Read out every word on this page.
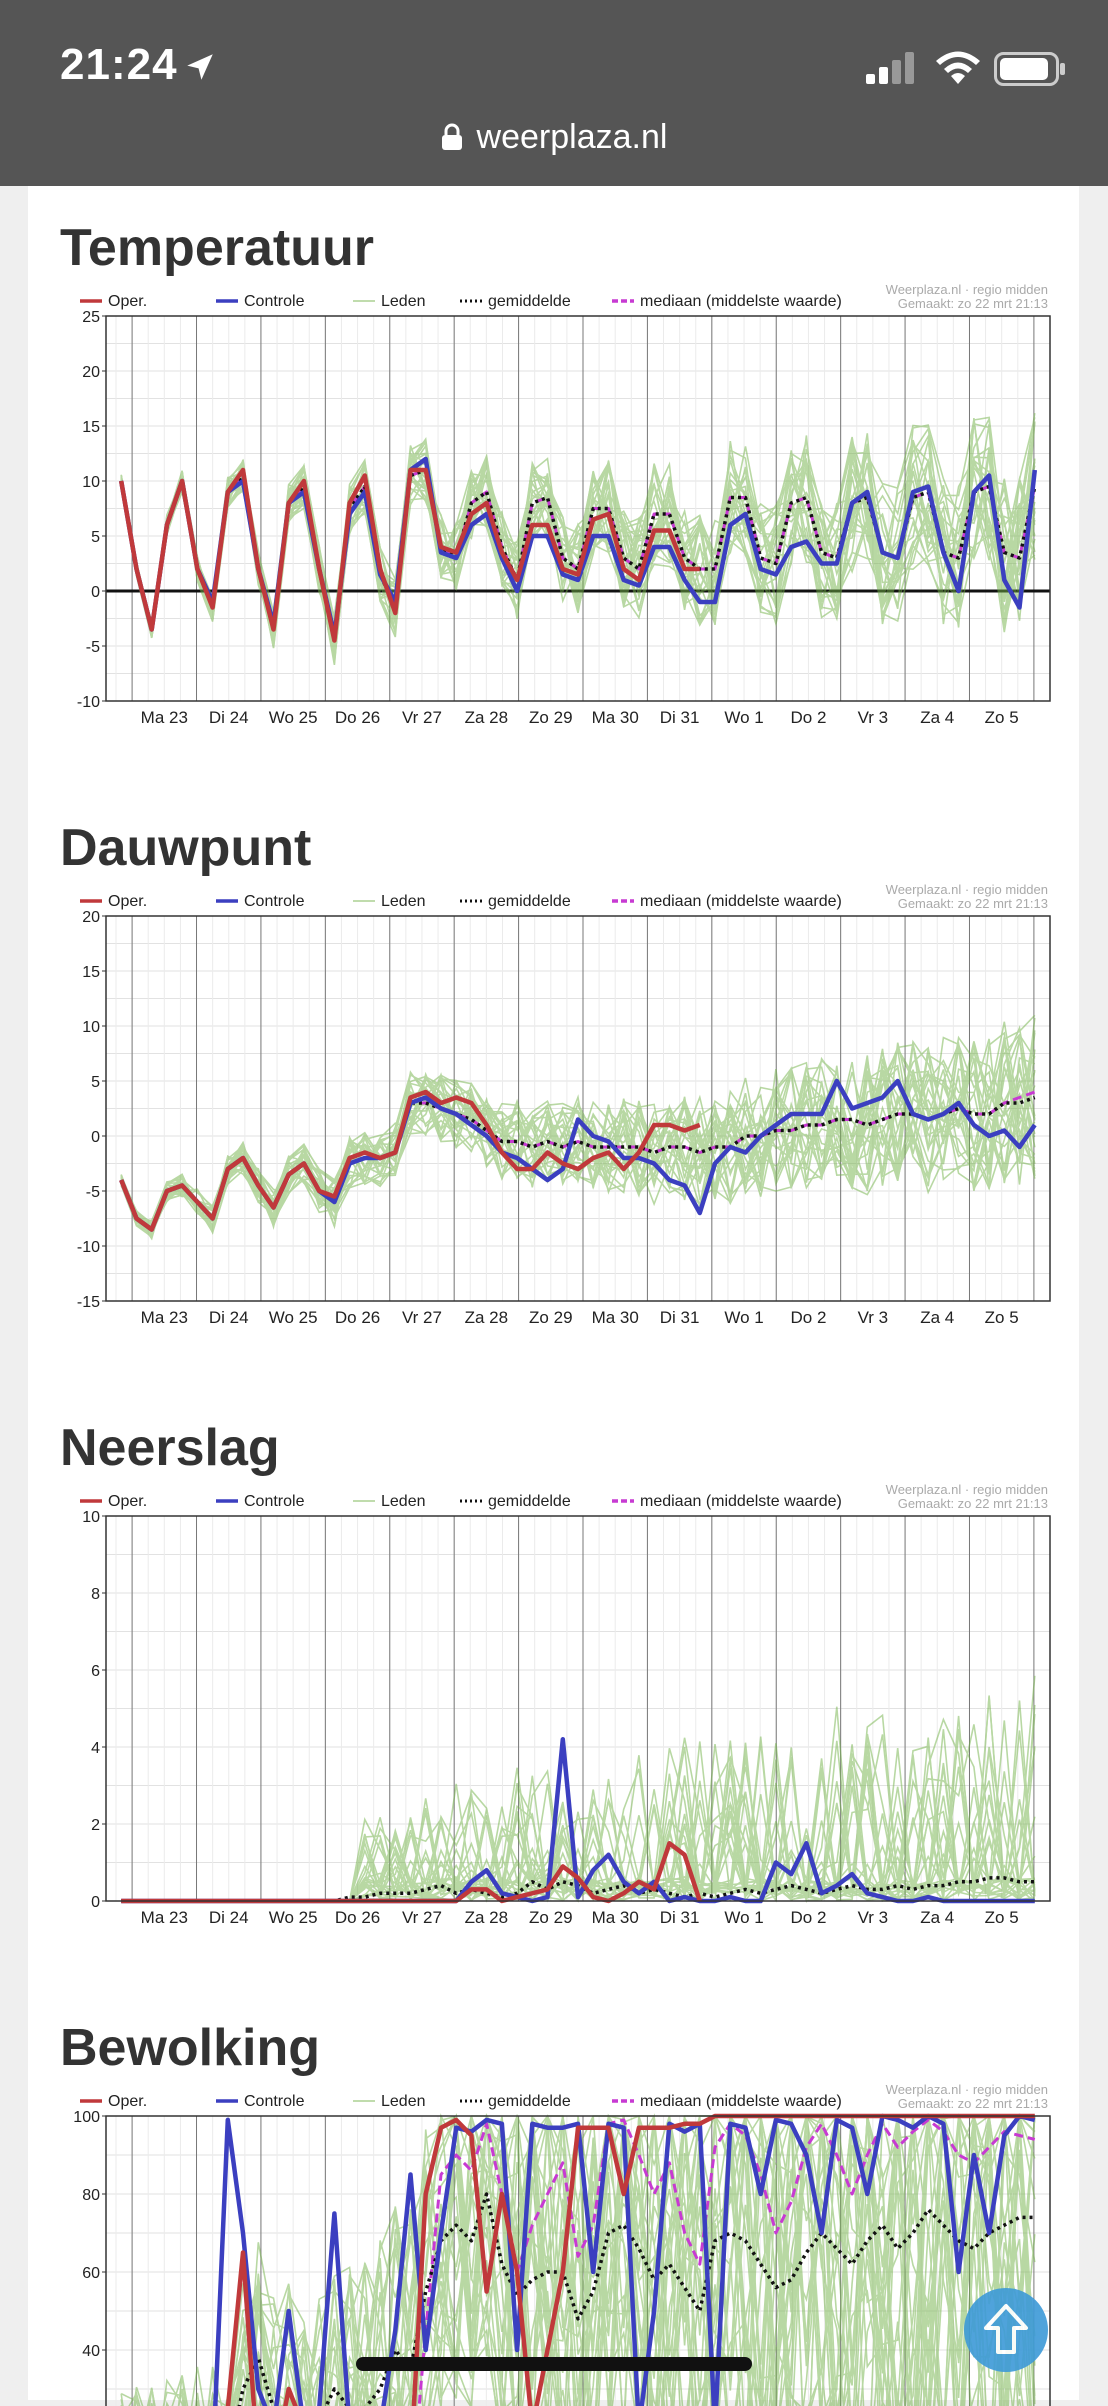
21:24
weerplaza.nl
Temperatuur
Oper.	Controle	Leden	gemiddelde	mediaan (middelste waarde)
Weerplaza.nl · regio midden
Gemaakt: zo 22 mrt 21:13
Ma 23 Di 24 Wo 25 Do 26 Vr 27 Za 28 Zo 29 Ma 30 Di 31 Wo 1 Do 2 Vr 3 Za 4 Zo 5
25
20
15
10
5
0
-5
-10
Dauwpunt
Oper.	Controle	Leden	gemiddelde	mediaan (middelste waarde)
Weerplaza.nl · regio midden
Gemaakt: zo 22 mrt 21:13
Ma 23 Di 24 Wo 25 Do 26 Vr 27 Za 28 Zo 29 Ma 30 Di 31 Wo 1 Do 2 Vr 3 Za 4 Zo 5
20
15
10
5
0
-5
-10
-15
Neerslag
Oper.	Controle	Leden	gemiddelde	mediaan (middelste waarde)
Weerplaza.nl · regio midden
Gemaakt: zo 22 mrt 21:13
Ma 23 Di 24 Wo 25 Do 26 Vr 27 Za 28 Zo 29 Ma 30 Di 31 Wo 1 Do 2 Vr 3 Za 4 Zo 5
10
8
6
4
2
0
Bewolking
Oper.	Controle	Leden	gemiddelde	mediaan (middelste waarde)
Weerplaza.nl · regio midden
Gemaakt: zo 22 mrt 21:13
100
80
60
40
